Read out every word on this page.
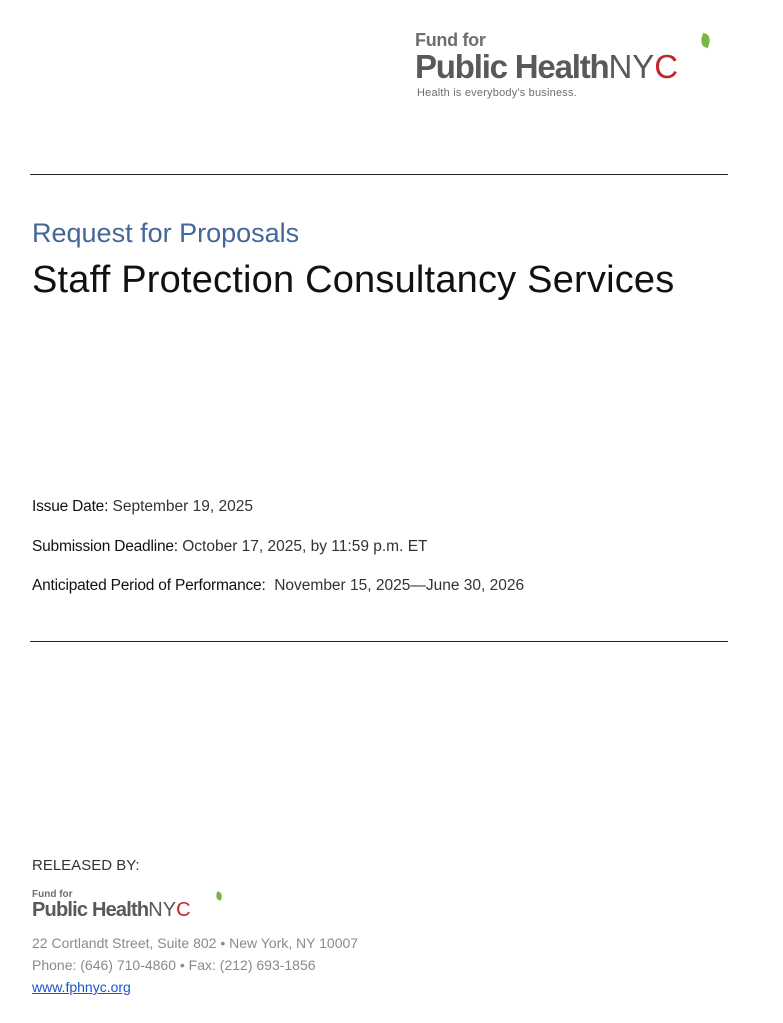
Fund for
Public HealthNYC
Health is everybody's business.
Request for Proposals
Staff Protection Consultancy Services
Issue Date: September 19, 2025
Submission Deadline: October 17, 2025, by 11:59 p.m. ET
Anticipated Period of Performance: November 15, 2025—June 30, 2026
RELEASED BY:
Fund for
Public HealthNYC
22 Cortlandt Street, Suite 802 • New York, NY 10007
Phone: (646) 710-4860 • Fax: (212) 693-1856
www.fphnyc.org
